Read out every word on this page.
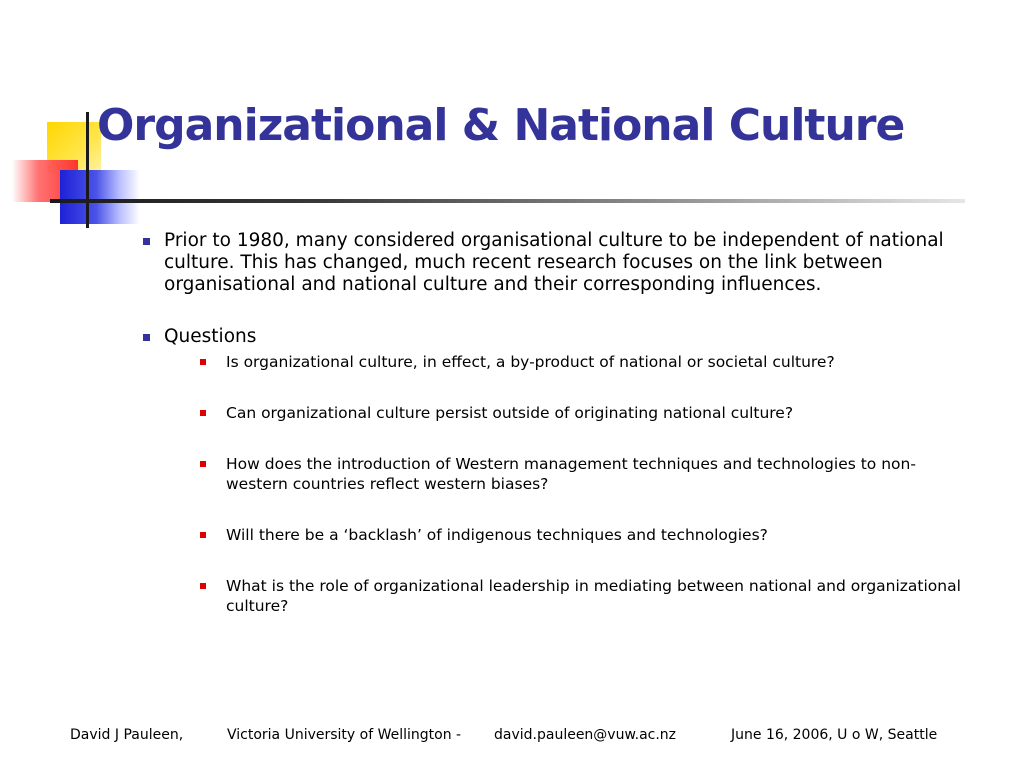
Organizational & National Culture
Prior to 1980, many considered organisational culture to be independent of national culture. This has changed, much recent research focuses on the link between organisational and national culture and their corresponding influences.
Questions
Is organizational culture, in effect, a by-product of national or societal culture?
Can organizational culture persist outside of originating national culture?
How does the introduction of Western management techniques and technologies to non-western countries reflect western biases?
Will there be a ‘backlash’ of indigenous techniques and technologies?
What is the role of organizational leadership in mediating between national and organizational culture?
David J Pauleen,	Victoria University of Wellington - david.pauleen@vuw.ac.nz	June 16, 2006, U o W, Seattle
